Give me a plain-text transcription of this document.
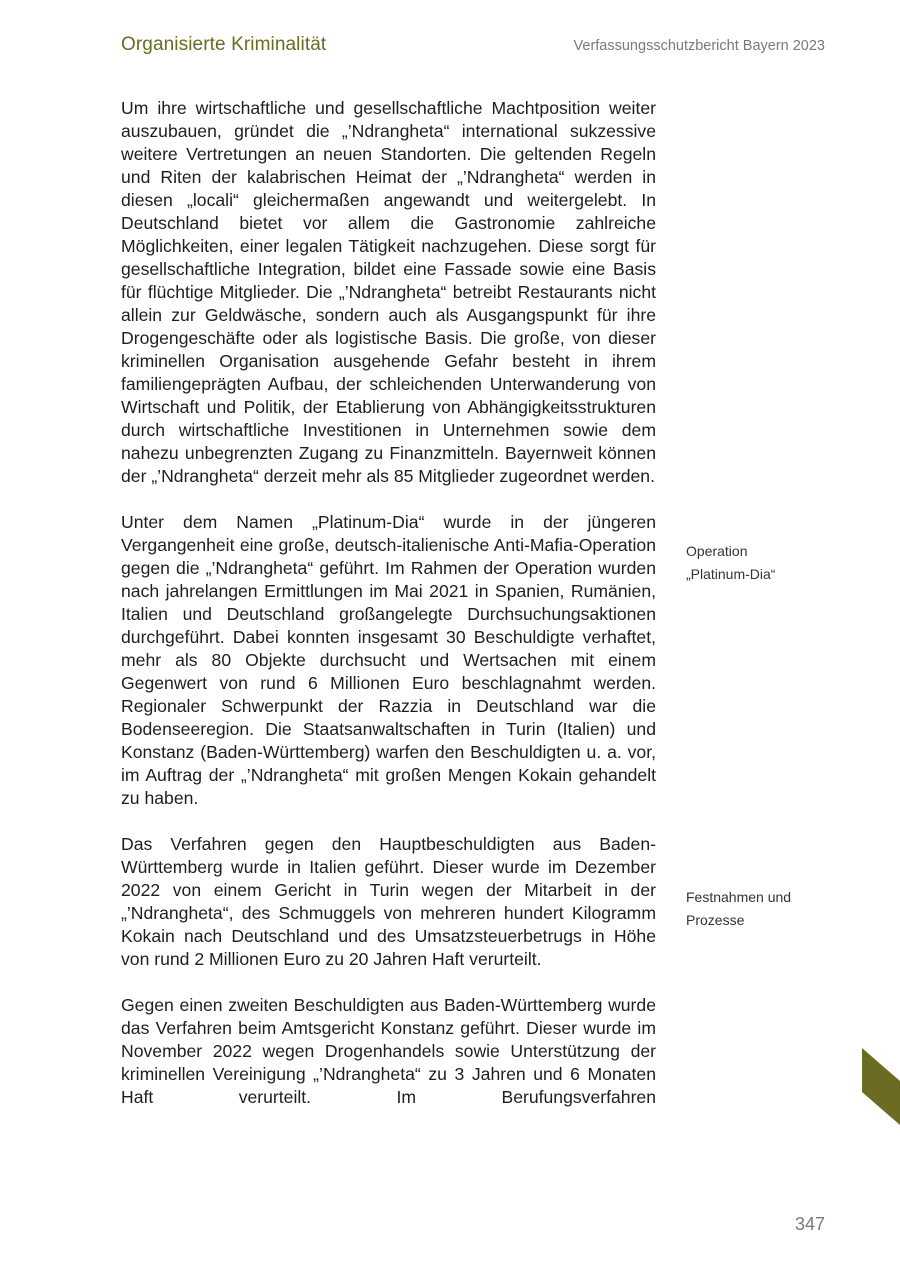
Organisierte Kriminalität	Verfassungsschutzbericht Bayern 2023

Um ihre wirtschaftliche und gesellschaftliche Machtposition weiter auszubauen, gründet die „’Ndrangheta“ international sukzessive weitere Vertretungen an neuen Standorten. Die geltenden Regeln und Riten der kalabrischen Heimat der „’Ndrangheta“ werden in diesen „locali“ gleichermaßen angewandt und weitergelebt. In Deutschland bietet vor allem die Gastronomie zahlreiche Möglichkeiten, einer legalen Tätigkeit nachzugehen. Diese sorgt für gesellschaftliche Integration, bildet eine Fassade sowie eine Basis für flüchtige Mitglieder. Die „’Ndrangheta“ betreibt Restaurants nicht allein zur Geldwäsche, sondern auch als Ausgangspunkt für ihre Drogengeschäfte oder als logistische Basis. Die große, von dieser kriminellen Organisation ausgehende Gefahr besteht in ihrem familiengeprägten Aufbau, der schleichenden Unterwanderung von Wirtschaft und Politik, der Etablierung von Abhängigkeitsstrukturen durch wirtschaftliche Investitionen in Unternehmen sowie dem nahezu unbegrenzten Zugang zu Finanzmitteln. Bayernweit können der „’Ndrangheta“ derzeit mehr als 85 Mitglieder zugeordnet werden.

Unter dem Namen „Platinum-Dia“ wurde in der jüngeren Vergangenheit eine große, deutsch-italienische Anti-Mafia-Operation gegen die „’Ndrangheta“ geführt. Im Rahmen der Operation wurden nach jahrelangen Ermittlungen im Mai 2021 in Spanien, Rumänien, Italien und Deutschland großangelegte Durchsuchungsaktionen durchgeführt. Dabei konnten insgesamt 30 Beschuldigte verhaftet, mehr als 80 Objekte durchsucht und Wertsachen mit einem Gegenwert von rund 6 Millionen Euro beschlagnahmt werden. Regionaler Schwerpunkt der Razzia in Deutschland war die Bodenseeregion. Die Staatsanwaltschaften in Turin (Italien) und Konstanz (Baden-Württemberg) warfen den Beschuldigten u. a. vor, im Auftrag der „’Ndrangheta“ mit großen Mengen Kokain gehandelt zu haben.

Das Verfahren gegen den Hauptbeschuldigten aus Baden-Württemberg wurde in Italien geführt. Dieser wurde im Dezember 2022 von einem Gericht in Turin wegen der Mitarbeit in der „’Ndrangheta“, des Schmuggels von mehreren hundert Kilogramm Kokain nach Deutschland und des Umsatzsteuerbetrugs in Höhe von rund 2 Millionen Euro zu 20 Jahren Haft verurteilt.

Gegen einen zweiten Beschuldigten aus Baden-Württemberg wurde das Verfahren beim Amtsgericht Konstanz geführt. Dieser wurde im November 2022 wegen Drogenhandels sowie Unterstützung der kriminellen Vereinigung „’Ndrangheta“ zu 3 Jahren und 6 Monaten Haft verurteilt. Im Berufungsverfahren

Operation
„Platinum-Dia“
Festnahmen und
Prozesse
347
